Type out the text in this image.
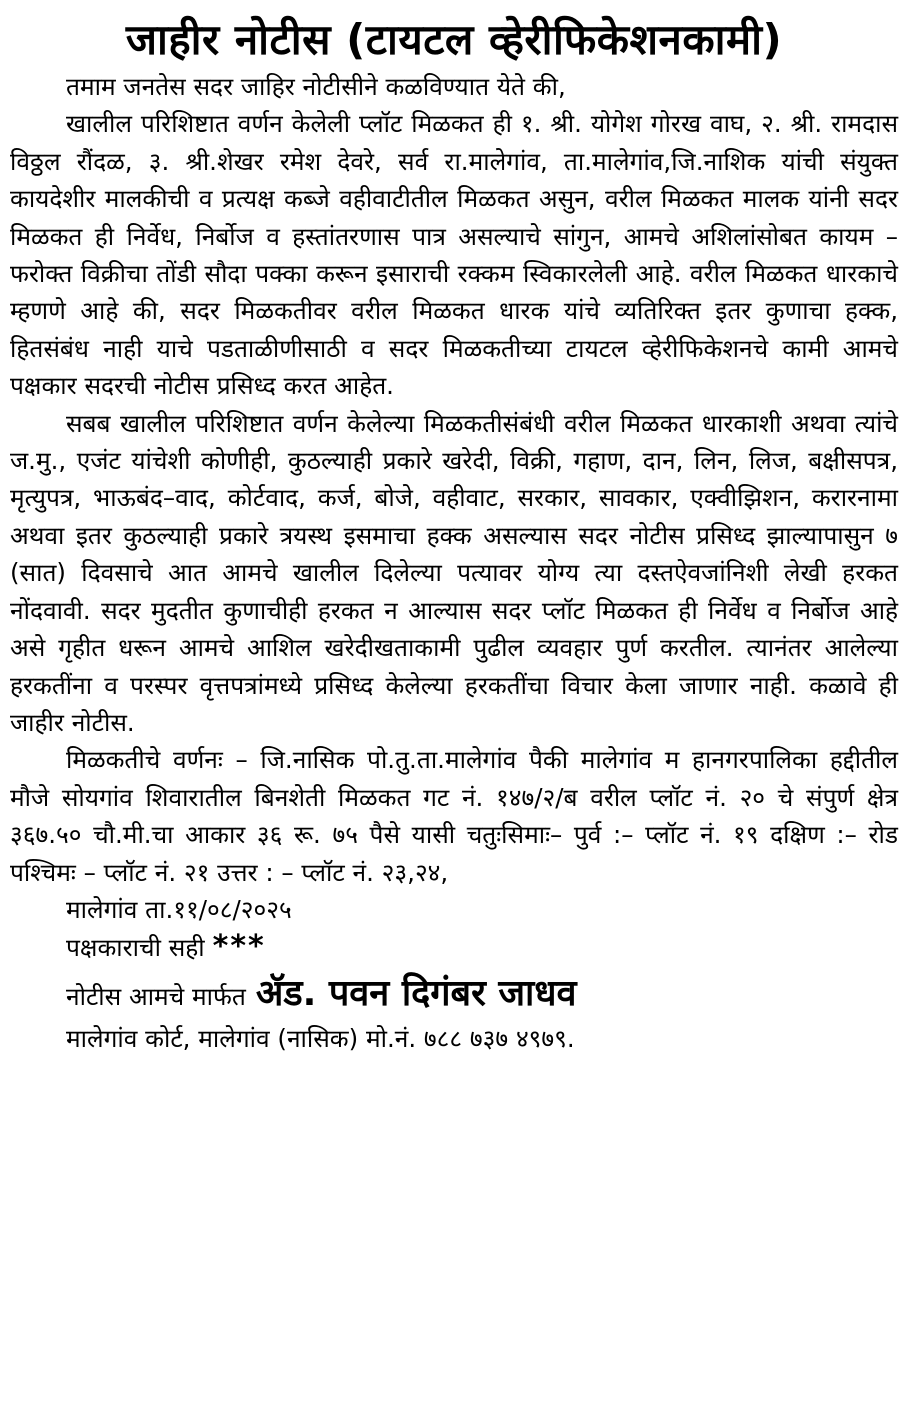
जाहीर नोटीस (टायटल व्हेरीफिकेशनकामी)

तमाम जनतेस सदर जाहिर नोटीसीने कळविण्यात येते की,

खालील परिशिष्टात वर्णन केलेली प्लॉट मिळकत ही १. श्री. योगेश गोरख वाघ, २. श्री. रामदास विठ्ठल रौंदळ, ३. श्री.शेखर रमेश देवरे, सर्व रा.मालेगांव, ता.मालेगांव,जि.नाशिक यांची संयुक्त कायदेशीर मालकीची व प्रत्यक्ष कब्जे वहीवाटीतील मिळकत असुन, वरील मिळकत मालक यांनी सदर मिळकत ही निर्वेध, निर्बोज व हस्तांतरणास पात्र असल्याचे सांगुन, आमचे अशिलांसोबत कायम –फरोक्त विक्रीचा तोंडी सौदा पक्का करून इसाराची रक्कम स्विकारलेली आहे. वरील मिळकत धारकाचे म्हणणे आहे की, सदर मिळकतीवर वरील मिळकत धारक यांचे व्यतिरिक्त इतर कुणाचा हक्क, हितसंबंध नाही याचे पडताळीणीसाठी व सदर मिळकतीच्या टायटल व्हेरीफिकेशनचे कामी आमचे पक्षकार सदरची नोटीस प्रसिध्द करत आहेत.

सबब खालील परिशिष्टात वर्णन केलेल्या मिळकतीसंबंधी वरील मिळकत धारकाशी अथवा त्यांचे ज.मु., एजंट यांचेशी कोणीही, कुठल्याही प्रकारे खरेदी, विक्री, गहाण, दान, लिन, लिज, बक्षीसपत्र, मृत्युपत्र, भाऊबंद–वाद, कोर्टवाद, कर्ज, बोजे, वहीवाट, सरकार, सावकार, एक्वीझिशन, करारनामा अथवा इतर कुठल्याही प्रकारे त्रयस्थ इसमाचा हक्क असल्यास सदर नोटीस प्रसिध्द झाल्यापासुन ७ (सात) दिवसाचे आत आमचे खालील दिलेल्या पत्यावर योग्य त्या दस्तऐवजांनिशी लेखी हरकत नोंदवावी. सदर मुदतीत कुणाचीही हरकत न आल्यास सदर प्लॉट मिळकत ही निर्वेध व निर्बोज आहे असे गृहीत धरून आमचे आशिल खरेदीखताकामी पुढील व्यवहार पुर्ण करतील. त्यानंतर आलेल्या हरकतींना व परस्पर वृत्तपत्रांमध्ये प्रसिध्द केलेल्या हरकतींचा विचार केला जाणार नाही. कळावे ही जाहीर नोटीस.

मिळकतीचे वर्णनः – जि.नासिक पो.तु.ता.मालेगांव पैकी मालेगांव म हानगरपालिका हद्दीतील मौजे सोयगांव शिवारातील बिनशेती मिळकत गट नं. १४७/२/ब वरील प्लॉट नं. २० चे संपुर्ण क्षेत्र ३६७.५० चौ.मी.चा आकार ३६ रू. ७५ पैसे यासी चतुःसिमाः– पुर्व :– प्लॉट नं. १९ दक्षिण :– रोड पश्चिमः – प्लॉट नं. २१ उत्तर : – प्लॉट नं. २३,२४,

मालेगांव ता.११/०८/२०२५

पक्षकाराची सही ***

नोटीस आमचे मार्फत ॲड. पवन दिगंबर जाधव

मालेगांव कोर्ट, मालेगांव (नासिक) मो.नं. ७८८ ७३७ ४९७९.
